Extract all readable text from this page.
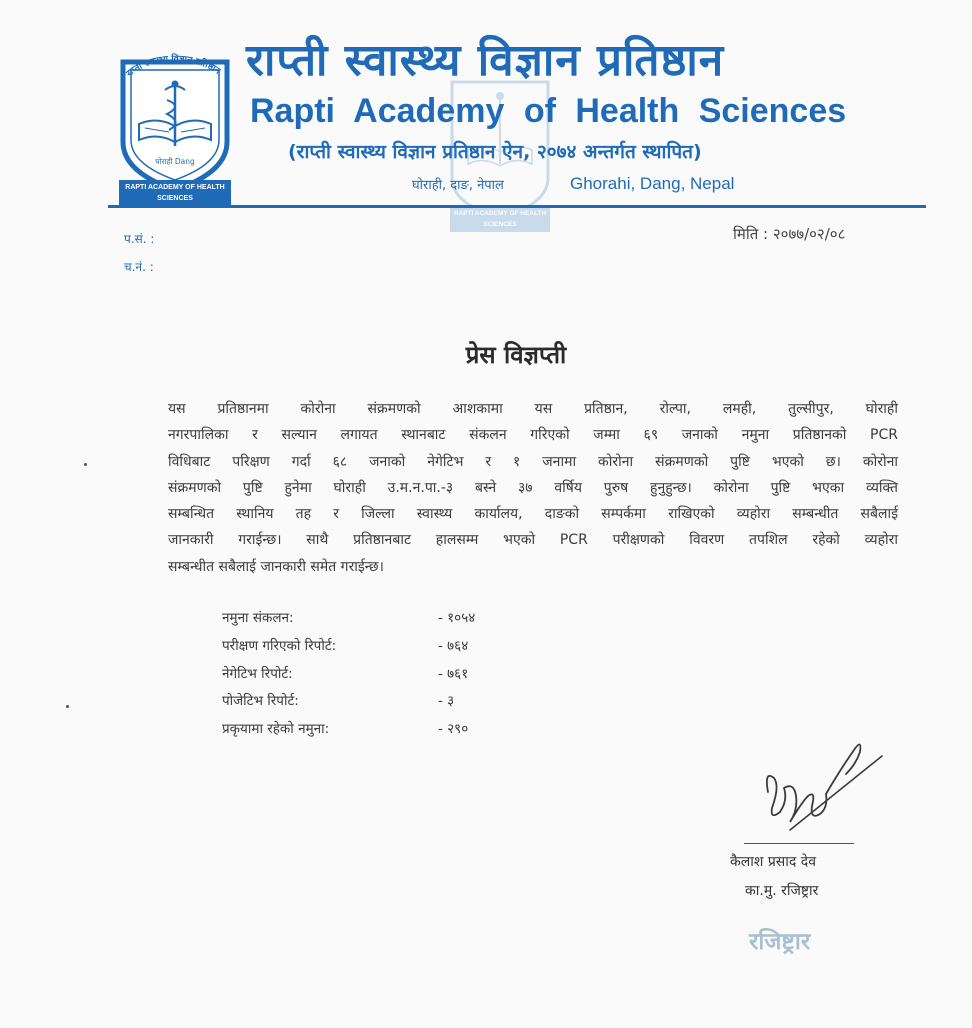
राप्ती स्वास्थ्य विज्ञान प्रतिष्ठान
घोराही Dang
RAPTI ACADEMY OF HEALTH SCIENCES
RAPTI ACADEMY OF HEALTH SCIENCES
राप्ती स्वास्थ्य विज्ञान प्रतिष्ठान
Rapti Academy of Health Sciences
(राप्ती स्वास्थ्य विज्ञान प्रतिष्ठान ऐन, २०७४ अन्तर्गत स्थापित)
घोराही, दाङ, नेपाल	Ghorahi, Dang, Nepal
प.सं. :
च.नं. :
मिति : २०७७/०२/०८
प्रेस विज्ञप्ती
यस प्रतिष्ठानमा कोरोना संक्रमणको आशकामा यस प्रतिष्ठान, रोल्पा, लमही, तुल्सीपुर, घोराही
नगरपालिका र सल्यान लगायत स्थानबाट संकलन गरिएको जम्मा ६९ जनाको नमुना प्रतिष्ठानको PCR
विधिबाट परिक्षण गर्दा ६८ जनाको नेगेटिभ र १ जनामा कोरोना संक्रमणको पुष्टि भएको छ। कोरोना
संक्रमणको पुष्टि हुनेमा घोराही उ.म.न.पा.-३ बस्ने ३७ वर्षिय पुरुष हुनुहुन्छ। कोरोना पुष्टि भएका व्यक्ति
सम्बन्धित स्थानिय तह र जिल्ला स्वास्थ्य कार्यालय, दाङको सम्पर्कमा राखिएको व्यहोरा सम्बन्धीत सबैलाई
जानकारी गराईन्छ। साथै प्रतिष्ठानबाट हालसम्म भएको PCR परीक्षणको विवरण तपशिल रहेको व्यहोरा
सम्बन्धीत सबैलाई जानकारी समेत गराईन्छ।
नमुना संकलन:	- १०५४
परीक्षण गरिएको रिपोर्ट:	- ७६४
नेगेटिभ रिपोर्ट:	- ७६१
पोजेटिभ रिपोर्ट:	- ३
प्रकृयामा रहेको नमुना:	- २९०
कैलाश प्रसाद देव
का.मु. रजिष्ट्रार
रजिष्ट्रार
